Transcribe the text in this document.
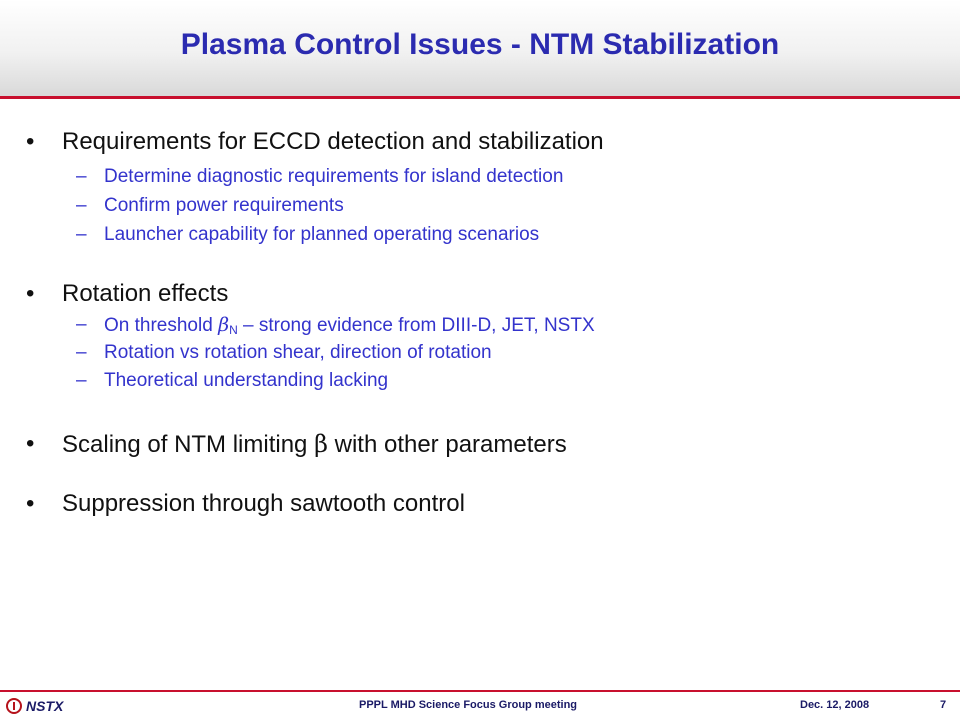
Plasma Control Issues - NTM Stabilization
• Requirements for ECCD detection and stabilization
– Determine diagnostic requirements for island detection
– Confirm power requirements
– Launcher capability for planned operating scenarios
• Rotation effects
– On threshold βN – strong evidence from DIII-D, JET, NSTX
– Rotation vs rotation shear, direction of rotation
– Theoretical understanding lacking
• Scaling of NTM limiting β with other parameters
• Suppression through sawtooth control
NSTX	PPPL MHD Science Focus Group meeting	Dec. 12, 2008	7
